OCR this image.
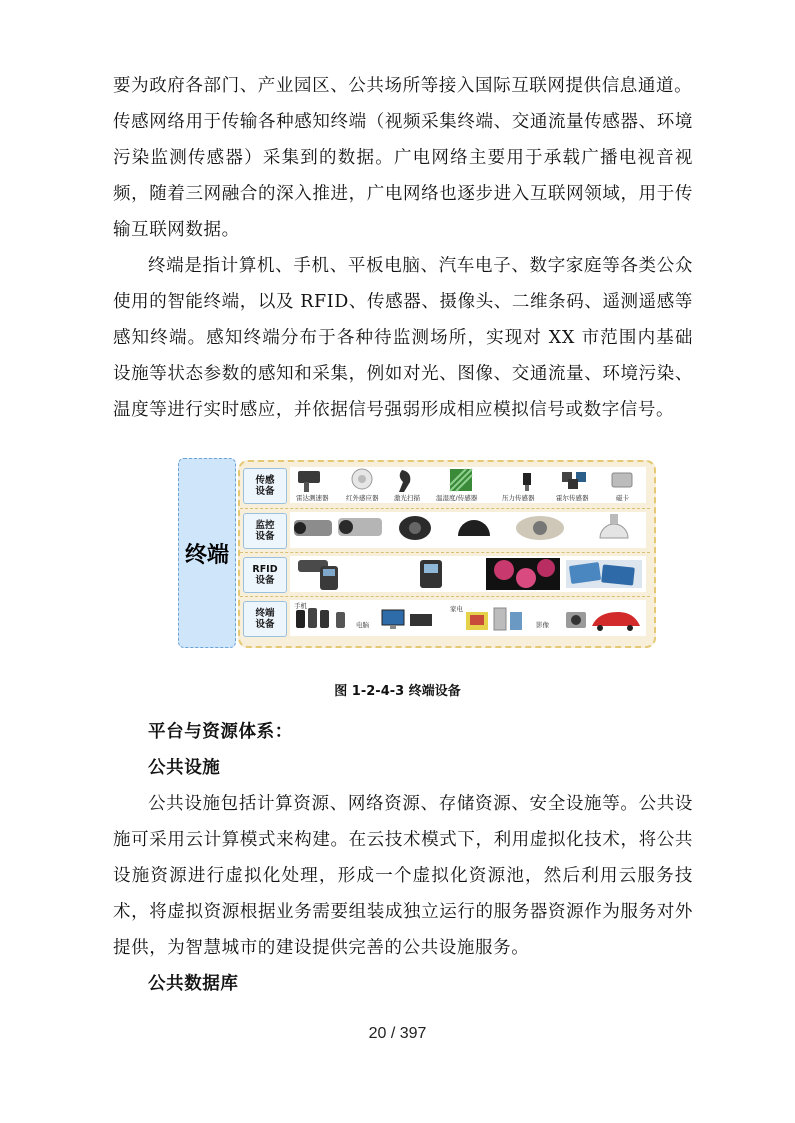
要为政府各部门、产业园区、公共场所等接入国际互联网提供信息通道。

传感网络用于传输各种感知终端（视频采集终端、交通流量传感器、环境污染监测传感器）采集到的数据。广电网络主要用于承载广播电视音视频，随着三网融合的深入推进，广电网络也逐步进入互联网领域，用于传输互联网数据。

终端是指计算机、手机、平板电脑、汽车电子、数字家庭等各类公众使用的智能终端，以及 RFID、传感器、摄像头、二维条码、遥测遥感等感知终端。感知终端分布于各种待监测场所，实现对 XX 市范围内基础设施等状态参数的感知和采集，例如对光、图像、交通流量、环境污染、温度等进行实时感应，并依据信号强弱形成相应模拟信号或数字信号。

终端
传感
设备
雷达测速器	红外感应器 激光扫描 温湿度/传感器	压力传感器	霍尔传感器	磁卡
监控
设备
RFID
设备
终端
设备
手机
电脑
家电
影像
图 1-2-4-3 终端设备

平台与资源体系：

公共设施

公共设施包括计算资源、网络资源、存储资源、安全设施等。公共设施可采用云计算模式来构建。在云技术模式下，利用虚拟化技术，将公共设施资源进行虚拟化处理，形成一个虚拟化资源池，然后利用云服务技术，将虚拟资源根据业务需要组装成独立运行的服务器资源作为服务对外提供，为智慧城市的建设提供完善的公共设施服务。

公共数据库

20 / 397
